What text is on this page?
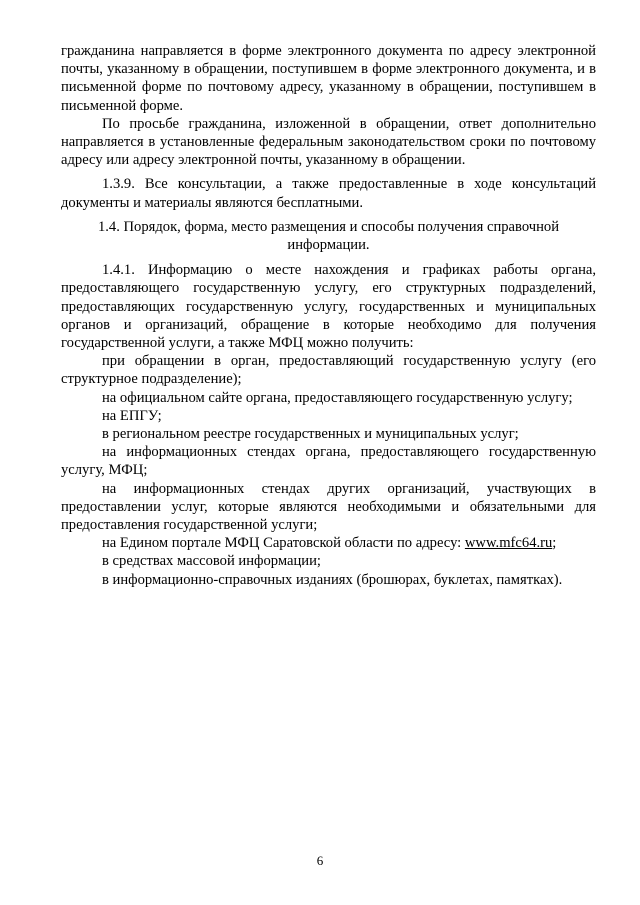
гражданина направляется в форме электронного документа по адресу электронной почты, указанному в обращении, поступившем в форме электронного документа, и в письменной форме по почтовому адресу, указанному в обращении, поступившем в письменной форме.

По просьбе гражданина, изложенной в обращении, ответ дополнительно направляется в установленные федеральным законодательством сроки по почтовому адресу или адресу электронной почты, указанному в обращении.

1.3.9. Все консультации, а также предоставленные в ходе консультаций документы и материалы являются бесплатными.

1.4. Порядок, форма, место размещения и способы получения справочной информации.

1.4.1. Информацию о месте нахождения и графиках работы органа, предоставляющего государственную услугу, его структурных подразделений, предоставляющих государственную услугу, государственных и муниципальных органов и организаций, обращение в которые необходимо для получения государственной услуги, а также МФЦ можно получить:

при обращении в орган, предоставляющий государственную услугу (его структурное подразделение);

на официальном сайте органа, предоставляющего государственную услугу;

на ЕПГУ;

в региональном реестре государственных и муниципальных услуг;

на информационных стендах органа, предоставляющего государственную услугу, МФЦ;

на информационных стендах других организаций, участвующих в предоставлении услуг, которые являются необходимыми и обязательными для предоставления государственной услуги;

на Едином портале МФЦ Саратовской области по адресу: www.mfc64.ru;

в средствах массовой информации;

в информационно-справочных изданиях (брошюрах, буклетах, памятках).

6
